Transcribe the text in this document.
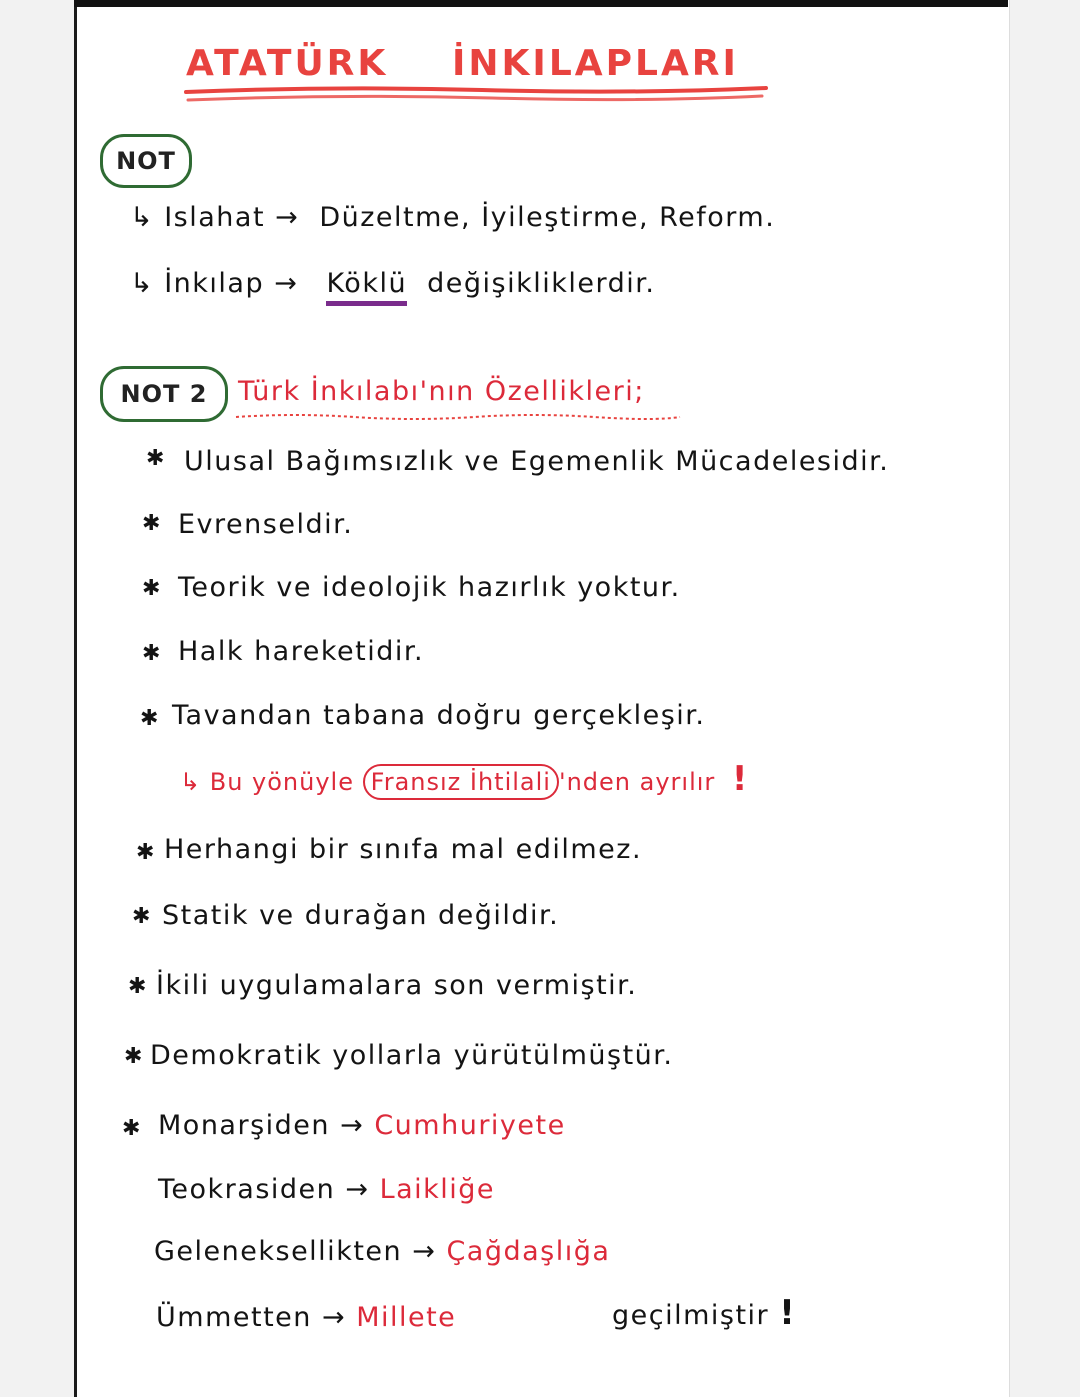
ATATÜRK İNKILAPLARI
NOT
↳ Islahat → Düzeltme, İyileştirme, Reform.
↳ İnkılap → Köklü değişikliklerdir.
NOT 2	Türk İnkılabı'nın Özellikleri;
✱ Ulusal Bağımsızlık ve Egemenlik Mücadelesidir.
✱ Evrenseldir.
✱ Teorik ve ideolojik hazırlık yoktur.
✱ Halk hareketidir.
✱ Tavandan tabana doğru gerçekleşir.
↳ Bu yönüyle Fransız İhtilali 'nden ayrılır !
✱ Herhangi bir sınıfa mal edilmez.
✱ Statik ve durağan değildir.
✱ İkili uygulamalara son vermiştir.
✱ Demokratik yollarla yürütülmüştür.
✱ Monarşiden → Cumhuriyete
Teokrasiden → Laikliğe
Geleneksellikten → Çağdaşlığa
Ümmetten → Millete	geçilmiştir !
